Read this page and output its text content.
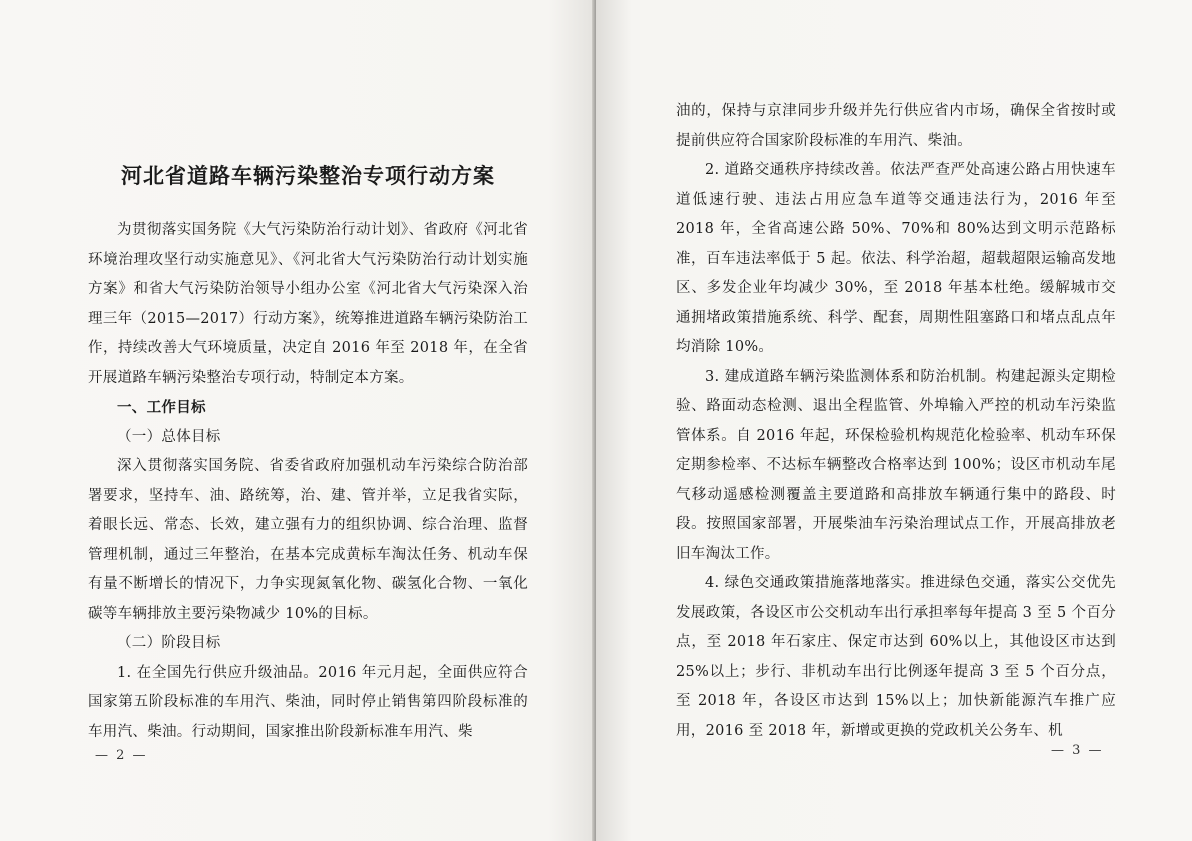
河北省道路车辆污染整治专项行动方案

为贯彻落实国务院《大气污染防治行动计划》、省政府《河北省环境治理攻坚行动实施意见》、《河北省大气污染防治行动计划实施方案》和省大气污染防治领导小组办公室《河北省大气污染深入治理三年（2015—2017）行动方案》，统筹推进道路车辆污染防治工作，持续改善大气环境质量，决定自 2016 年至 2018 年，在全省开展道路车辆污染整治专项行动，特制定本方案。

一、工作目标
（一）总体目标

深入贯彻落实国务院、省委省政府加强机动车污染综合防治部署要求，坚持车、油、路统筹，治、建、管并举，立足我省实际，着眼长远、常态、长效，建立强有力的组织协调、综合治理、监督管理机制，通过三年整治，在基本完成黄标车淘汰任务、机动车保有量不断增长的情况下，力争实现氮氧化物、碳氢化合物、一氧化碳等车辆排放主要污染物减少 10%的目标。

（二）阶段目标

1. 在全国先行供应升级油品。2016 年元月起，全面供应符合国家第五阶段标准的车用汽、柴油，同时停止销售第四阶段标准的车用汽、柴油。行动期间，国家推出阶段新标准车用汽、柴

— 2 —

油的，保持与京津同步升级并先行供应省内市场，确保全省按时或提前供应符合国家阶段标准的车用汽、柴油。

2. 道路交通秩序持续改善。依法严查严处高速公路占用快速车道低速行驶、违法占用应急车道等交通违法行为，2016 年至 2018 年，全省高速公路 50%、70%和 80%达到文明示范路标准，百车违法率低于 5 起。依法、科学治超，超载超限运输高发地区、多发企业年均减少 30%，至 2018 年基本杜绝。缓解城市交通拥堵政策措施系统、科学、配套，周期性阻塞路口和堵点乱点年均消除 10%。

3. 建成道路车辆污染监测体系和防治机制。构建起源头定期检验、路面动态检测、退出全程监管、外埠输入严控的机动车污染监管体系。自 2016 年起，环保检验机构规范化检验率、机动车环保定期参检率、不达标车辆整改合格率达到 100%；设区市机动车尾气移动遥感检测覆盖主要道路和高排放车辆通行集中的路段、时段。按照国家部署，开展柴油车污染治理试点工作，开展高排放老旧车淘汰工作。

4. 绿色交通政策措施落地落实。推进绿色交通，落实公交优先发展政策，各设区市公交机动车出行承担率每年提高 3 至 5 个百分点，至 2018 年石家庄、保定市达到 60%以上，其他设区市达到 25%以上；步行、非机动车出行比例逐年提高 3 至 5 个百分点，至 2018 年，各设区市达到 15%以上；加快新能源汽车推广应用，2016 至 2018 年，新增或更换的党政机关公务车、机

— 3 —
